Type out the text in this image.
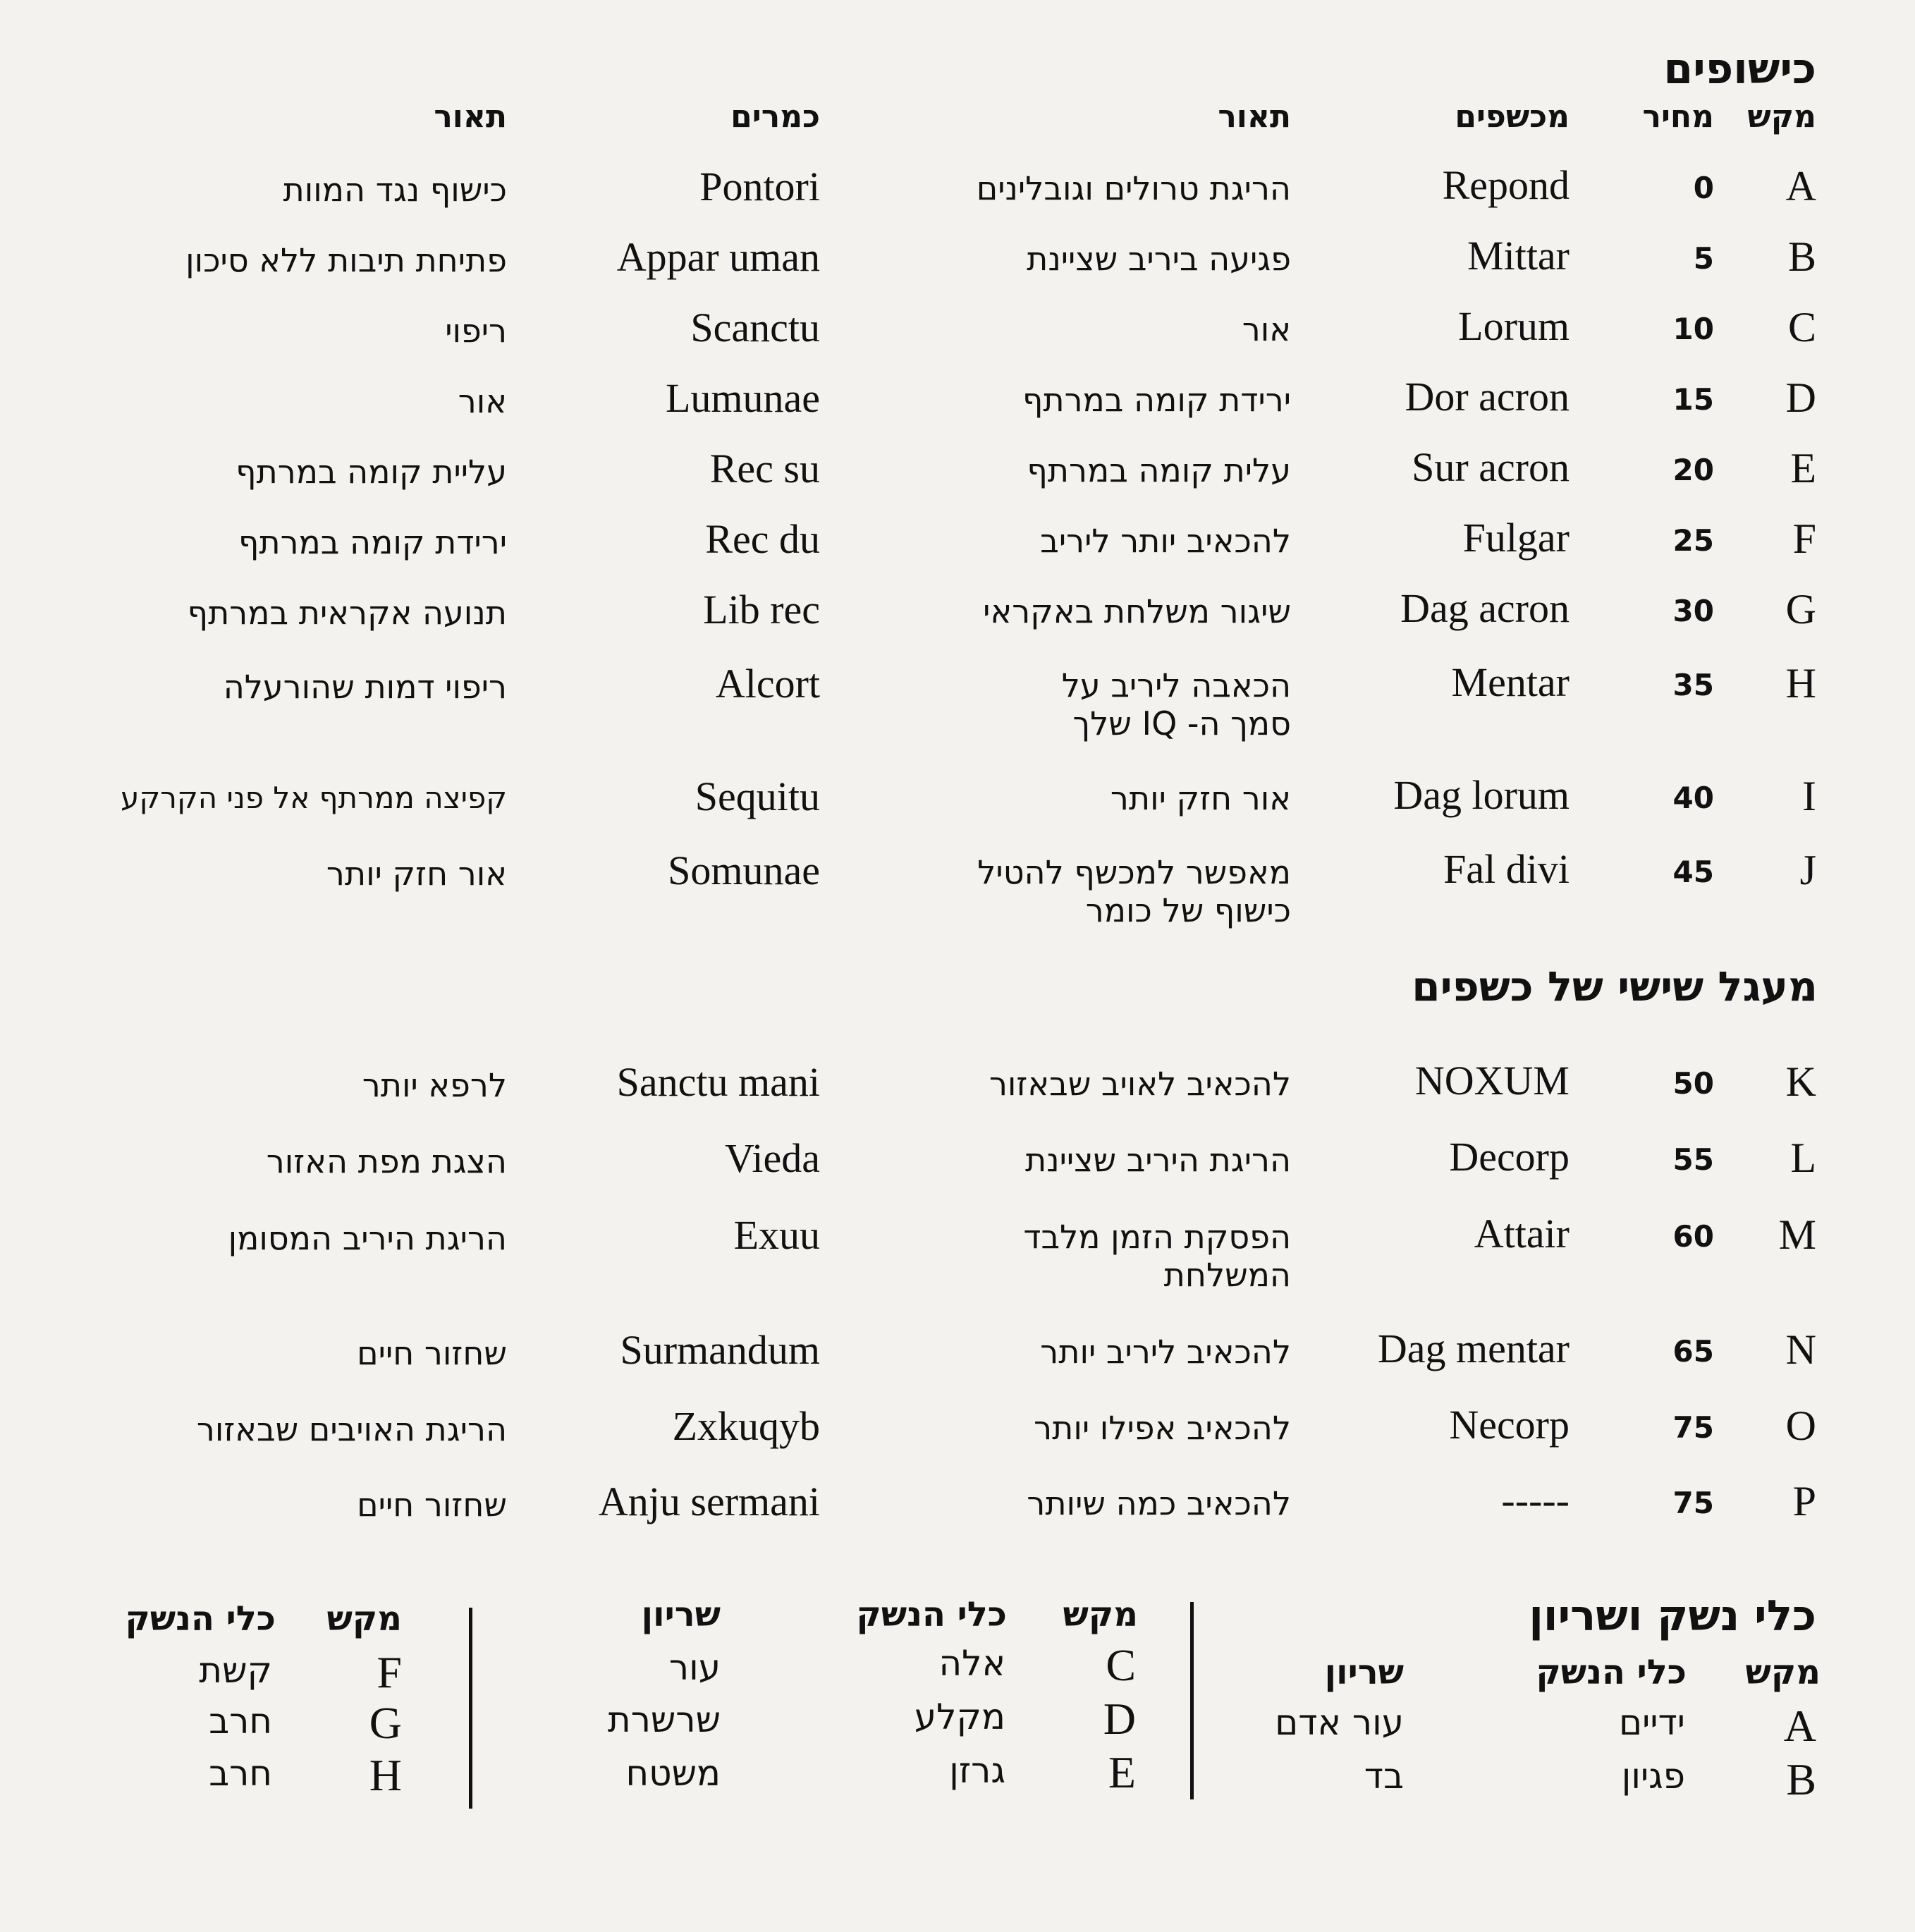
כישופים
מקש
מחיר
מכשפים
תאור
כמרים
תאור
A
0
Repond
הריגת טרולים וגובלינים
Pontori
כישוף נגד המוות
B
5
Mittar
פגיעה ביריב שציינת
Appar uman
פתיחת תיבות ללא סיכון
C
10
Lorum
אור
Scanctu
ריפוי
D
15
Dor acron
ירידת קומה במרתף
Lumunae
אור
E
20
Sur acron
עלית קומה במרתף
Rec su
עליית קומה במרתף
F
25
Fulgar
להכאיב יותר ליריב
Rec du
ירידת קומה במרתף
G
30
Dag acron
שיגור משלחת באקראי
Lib rec
תנועה אקראית במרתף
H
35
Mentar
הכאבה ליריב על
Alcort
ריפוי דמות שהורעלה
סמך ה- IQ שלך
I
40
Dag lorum
אור חזק יותר
Sequitu
קפיצה ממרתף אל פני הקרקע
J
45
Fal divi
מאפשר למכשף להטיל
Somunae
אור חזק יותר
כישוף של כומר
מעגל שישי של כשפים
K
50
NOXUM
להכאיב לאויב שבאזור
Sanctu mani
לרפא יותר
L
55
Decorp
הריגת היריב שציינת
Vieda
הצגת מפת האזור
M
60
Attair
הפסקת הזמן מלבד
Exuu
הריגת היריב המסומן
המשלחת
N
65
Dag mentar
להכאיב ליריב יותר
Surmandum
שחזור חיים
O
75
Necorp
להכאיב אפילו יותר
Zxkuqyb
הריגת האויבים שבאזור
P
75
-----
להכאיב כמה שיותר
Anju sermani
שחזור חיים
כלי נשק ושריון
מקש
כלי הנשק
שריון
A
ידיים
עור אדם
B
פגיון
בד
מקש
כלי הנשק
שריון
C
אלה
עור
D
מקלע
שרשרת
E
גרזן
משטח
מקש
כלי הנשק
F
קשת
G
חרב
H
חרב
